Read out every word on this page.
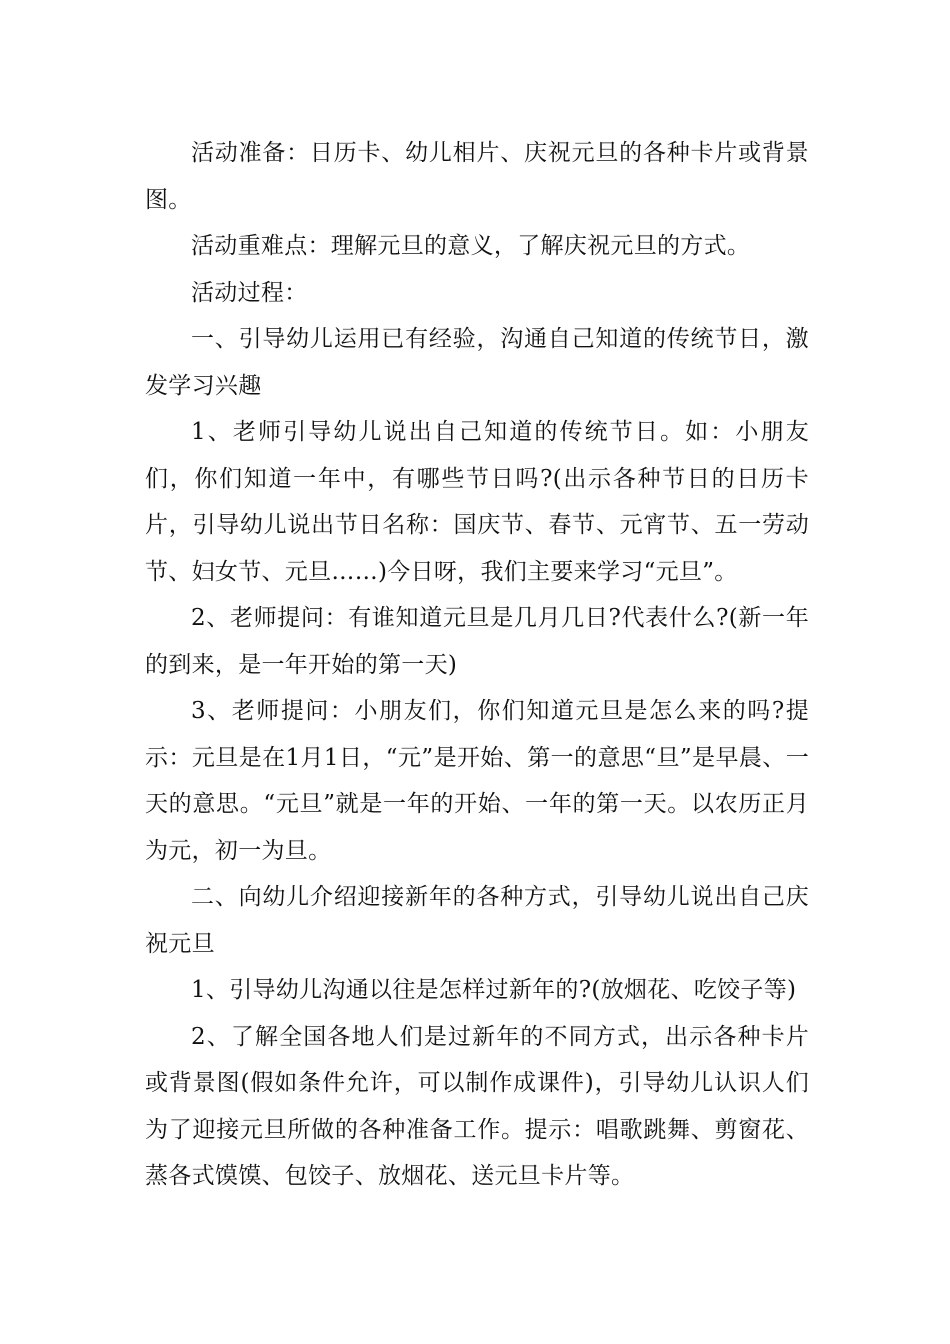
活动准备：日历卡、幼儿相片、庆祝元旦的各种卡片或背景图。

活动重难点：理解元旦的意义，了解庆祝元旦的方式。

活动过程：

一、引导幼儿运用已有经验，沟通自己知道的传统节日，激发学习兴趣

1、老师引导幼儿说出自己知道的传统节日。如：小朋友们，你们知道一年中，有哪些节日吗?(出示各种节日的日历卡片，引导幼儿说出节日名称：国庆节、春节、元宵节、五一劳动节、妇女节、元旦……)今日呀，我们主要来学习“元旦”。

2、老师提问：有谁知道元旦是几月几日?代表什么?(新一年的到来，是一年开始的第一天)

3、老师提问：小朋友们，你们知道元旦是怎么来的吗?提示：元旦是在1月1日，“元”是开始、第一的意思“旦”是早晨、一天的意思。“元旦”就是一年的开始、一年的第一天。以农历正月为元，初一为旦。

二、向幼儿介绍迎接新年的各种方式，引导幼儿说出自己庆祝元旦

1、引导幼儿沟通以往是怎样过新年的?(放烟花、吃饺子等)

2、了解全国各地人们是过新年的不同方式，出示各种卡片或背景图(假如条件允许，可以制作成课件)，引导幼儿认识人们为了迎接元旦所做的各种准备工作。提示：唱歌跳舞、剪窗花、蒸各式馍馍、包饺子、放烟花、送元旦卡片等。
